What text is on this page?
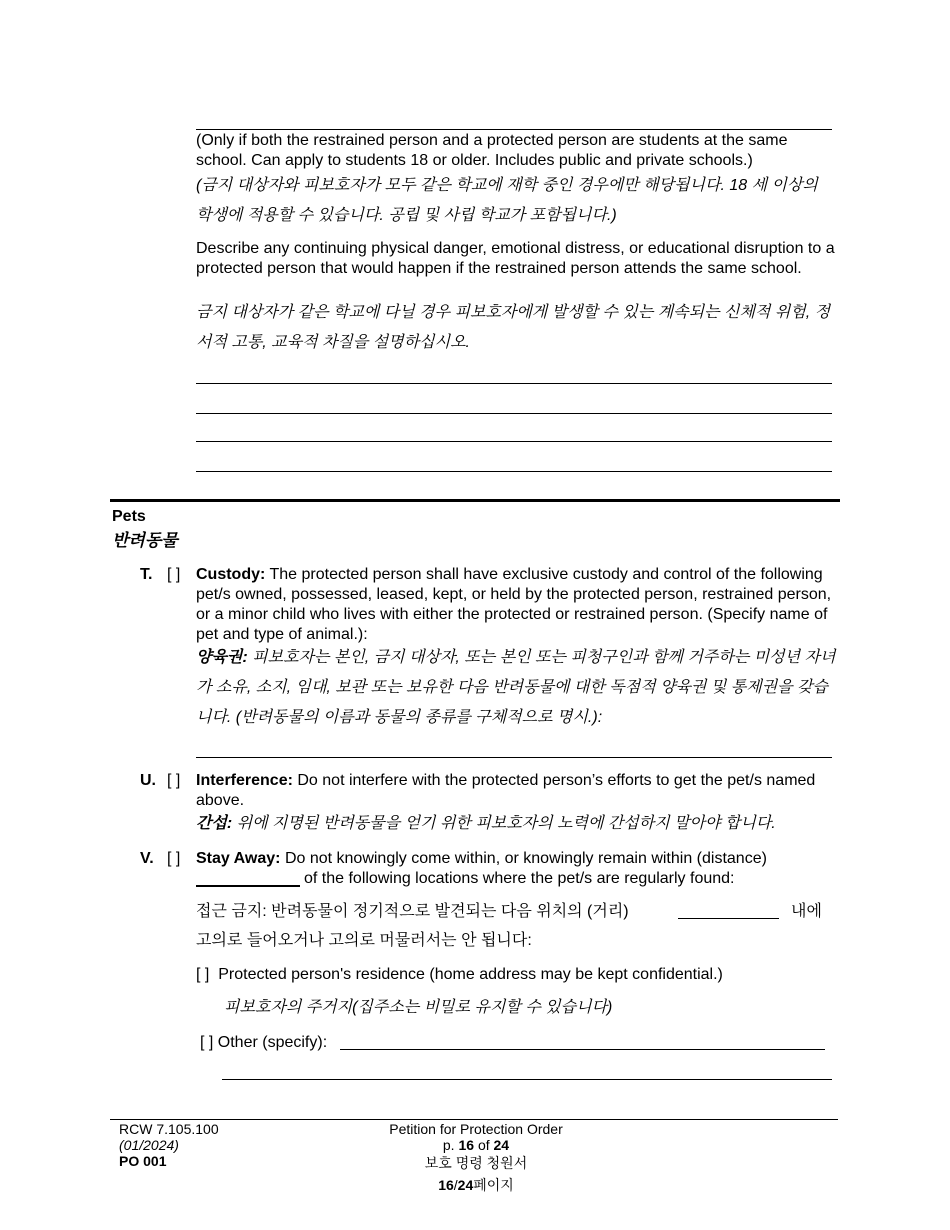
(Only if both the restrained person and a protected person are students at the same school. Can apply to students 18 or older. Includes public and private schools.)
(금지 대상자와 피보호자가 모두 같은 학교에 재학 중인 경우에만 해당됩니다. 18 세 이상의 학생에 적용할 수 있습니다. 공립 및 사립 학교가 포함됩니다.)
Describe any continuing physical danger, emotional distress, or educational disruption to a protected person that would happen if the restrained person attends the same school.
금지 대상자가 같은 학교에 다닐 경우 피보호자에게 발생할 수 있는 계속되는 신체적 위험, 정서적 고통, 교육적 차질을 설명하십시오.
Pets
반려동물
T. [ ] Custody: The protected person shall have exclusive custody and control of the following pet/s owned, possessed, leased, kept, or held by the protected person, restrained person, or a minor child who lives with either the protected or restrained person. (Specify name of pet and type of animal.):
양육권: 피보호자는 본인, 금지 대상자, 또는 본인 또는 피청구인과 함께 거주하는 미성년 자녀가 소유, 소지, 임대, 보관 또는 보유한 다음 반려동물에 대한 독점적 양육권 및 통제권을 갖습니다. (반려동물의 이름과 동물의 종류를 구체적으로 명시.):
U. [ ] Interference: Do not interfere with the protected person’s efforts to get the pet/s named above.
간섭: 위에 지명된 반려동물을 얻기 위한 피보호자의 노력에 간섭하지 말아야 합니다.
V. [ ] Stay Away: Do not knowingly come within, or knowingly remain within (distance)
of the following locations where the pet/s are regularly found:
접근 금지: 반려동물이 정기적으로 발견되는 다음 위치의 (거리)	내에
고의로 들어오거나 고의로 머물러서는 안 됩니다:
[ ]  Protected person's residence (home address may be kept confidential.)
피보호자의 주거지(집주소는 비밀로 유지할 수 있습니다)
[ ] Other (specify):
RCW 7.105.100
(01/2024)
PO 001
Petition for Protection Order
p. 16 of 24
보호 명령 청원서
16/24페이지
